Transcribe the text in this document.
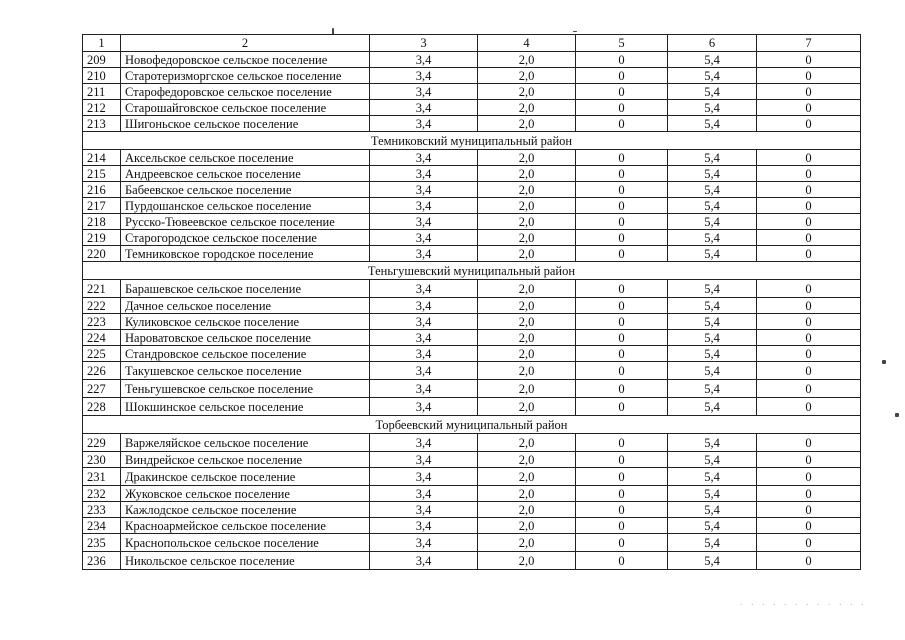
. . . . . . . . . . . .
1	2	3	4	5	6	7
209	Новофедоровское сельское поселение	3,4	2,0	0	5,4	0
210	Старотеризморгское сельское поселение	3,4	2,0	0	5,4	0
211	Старофедоровское сельское поселение	3,4	2,0	0	5,4	0
212	Старошайговское сельское поселение	3,4	2,0	0	5,4	0
213	Шигоньское сельское поселение	3,4	2,0	0	5,4	0
Темниковский муниципальный район						
214	Аксельское сельское поселение	3,4	2,0	0	5,4	0
215	Андреевское сельское поселение	3,4	2,0	0	5,4	0
216	Бабеевское сельское поселение	3,4	2,0	0	5,4	0
217	Пурдошанское сельское поселение	3,4	2,0	0	5,4	0
218	Русско-Тювеевское сельское поселение	3,4	2,0	0	5,4	0
219	Старогородское сельское поселение	3,4	2,0	0	5,4	0
220	Темниковское городское поселение	3,4	2,0	0	5,4	0
Теньгушевский муниципальный район						
221	Барашевское сельское поселение	3,4	2,0	0	5,4	0
222	Дачное сельское поселение	3,4	2,0	0	5,4	0
223	Куликовское сельское поселение	3,4	2,0	0	5,4	0
224	Нароватовское сельское поселение	3,4	2,0	0	5,4	0
225	Стандровское сельское поселение	3,4	2,0	0	5,4	0
226	Такушевское сельское поселение	3,4	2,0	0	5,4	0
227	Теньгушевское сельское поселение	3,4	2,0	0	5,4	0
228	Шокшинское сельское поселение	3,4	2,0	0	5,4	0
Торбеевский муниципальный район						
229	Варжеляйское сельское поселение	3,4	2,0	0	5,4	0
230	Виндрейское сельское поселение	3,4	2,0	0	5,4	0
231	Дракинское сельское поселение	3,4	2,0	0	5,4	0
232	Жуковское сельское поселение	3,4	2,0	0	5,4	0
233	Кажлодское сельское поселение	3,4	2,0	0	5,4	0
234	Красноармейское сельское поселение	3,4	2,0	0	5,4	0
235	Краснопольское сельское поселение	3,4	2,0	0	5,4	0
236	Никольское сельское поселение	3,4	2,0	0	5,4	0
